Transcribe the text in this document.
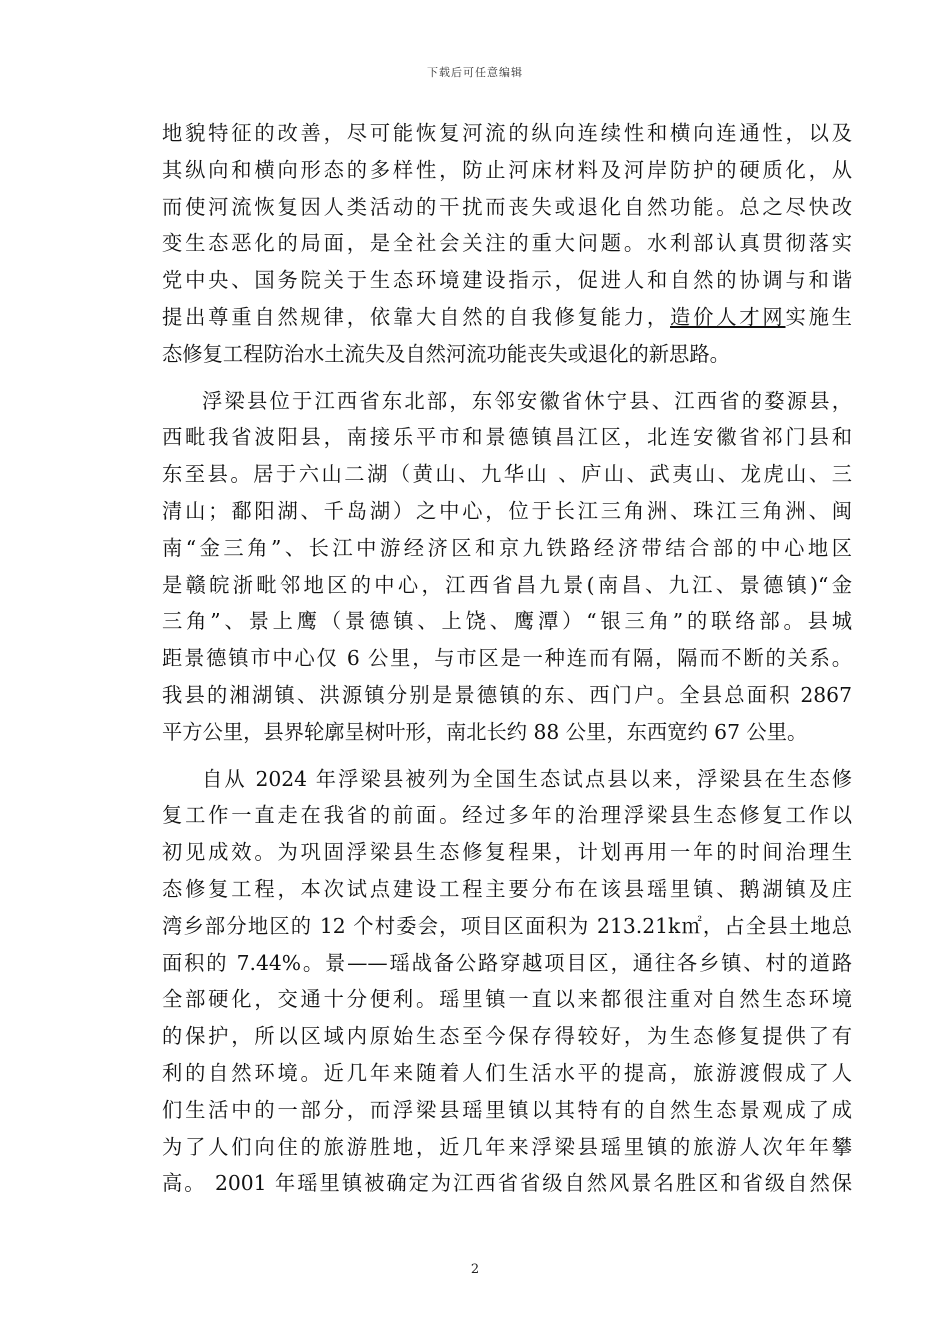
下载后可任意编辑
地貌特征的改善，尽可能恢复河流的纵向连续性和横向连通性，以及
其纵向和横向形态的多样性，防止河床材料及河岸防护的硬质化，从
而使河流恢复因人类活动的干扰而丧失或退化自然功能。总之尽快改
变生态恶化的局面，是全社会关注的重大问题。水利部认真贯彻落实
党中央、国务院关于生态环境建设指示，促进人和自然的协调与和谐
提出尊重自然规律，依靠大自然的自我修复能力，造价人才网实施生
态修复工程防治水土流失及自然河流功能丧失或退化的新思路。
浮梁县位于江西省东北部，东邻安徽省休宁县、江西省的婺源县，
西毗我省波阳县，南接乐平市和景德镇昌江区，北连安徽省祁门县和
东至县。居于六山二湖（黄山、九华山 、庐山、武夷山、龙虎山、三
清山；鄱阳湖、千岛湖）之中心，位于长江三角洲、珠江三角洲、闽
南“金三角”、长江中游经济区和京九铁路经济带结合部的中心地区
是赣皖浙毗邻地区的中心，江西省昌九景(南昌、九江、景德镇)“金
三角”、景上鹰（景德镇、上饶、鹰潭）“银三角”的联络部。县城
距景德镇市中心仅 6 公里，与市区是一种连而有隔，隔而不断的关系。
我县的湘湖镇、洪源镇分别是景德镇的东、西门户。全县总面积 2867
平方公里，县界轮廓呈树叶形，南北长约 88 公里，东西宽约 67 公里。
自从 2024 年浮梁县被列为全国生态试点县以来，浮梁县在生态修
复工作一直走在我省的前面。经过多年的治理浮梁县生态修复工作以
初见成效。为巩固浮梁县生态修复程果，计划再用一年的时间治理生
态修复工程，本次试点建设工程主要分布在该县瑶里镇、鹅湖镇及庄
湾乡部分地区的 12 个村委会，项目区面积为 213.21k㎡，占全县土地总
面积的 7.44%。景——瑶战备公路穿越项目区，通往各乡镇、村的道路
全部硬化，交通十分便利。瑶里镇一直以来都很注重对自然生态环境
的保护，所以区域内原始生态至今保存得较好，为生态修复提供了有
利的自然环境。近几年来随着人们生活水平的提高，旅游渡假成了人
们生活中的一部分，而浮梁县瑶里镇以其特有的自然生态景观成了成
为了人们向住的旅游胜地，近几年来浮梁县瑶里镇的旅游人次年年攀
高。 2001 年瑶里镇被确定为江西省省级自然风景名胜区和省级自然保
2
